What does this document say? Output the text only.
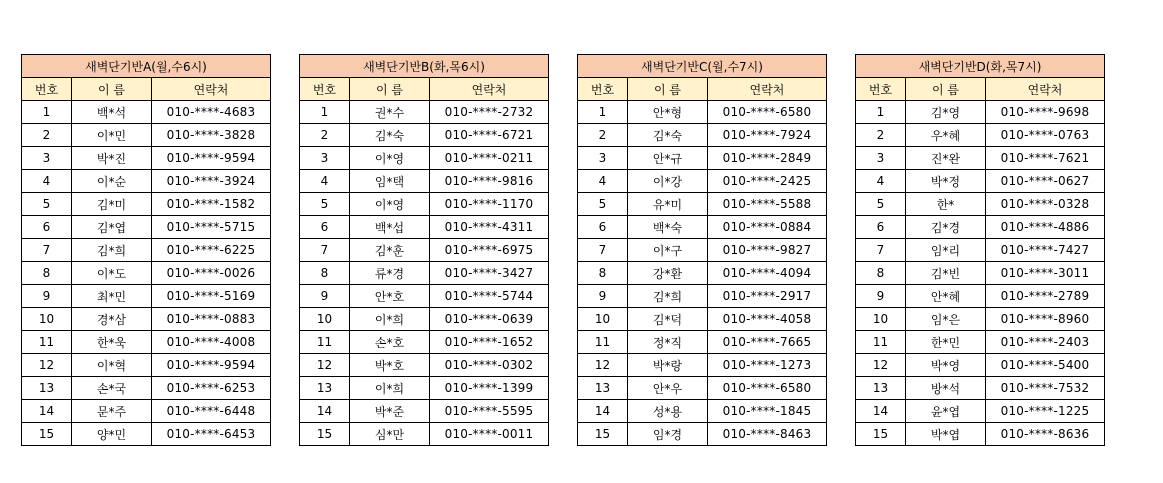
새벽단기반A(월,수6시)		
번호	이 름	연락처
1	백*석	010-****-4683
2	이*민	010-****-3828
3	박*진	010-****-9594
4	이*순	010-****-3924
5	김*미	010-****-1582
6	김*엽	010-****-5715
7	김*희	010-****-6225
8	이*도	010-****-0026
9	최*민	010-****-5169
10	경*삼	010-****-0883
11	한*욱	010-****-4008
12	이*혁	010-****-9594
13	손*국	010-****-6253
14	문*주	010-****-6448
15	양*민	010-****-6453
새벽단기반B(화,목6시)		
번호	이 름	연락처
1	권*수	010-****-2732
2	김*숙	010-****-6721
3	이*영	010-****-0211
4	임*택	010-****-9816
5	이*영	010-****-1170
6	백*섭	010-****-4311
7	김*훈	010-****-6975
8	류*경	010-****-3427
9	안*호	010-****-5744
10	이*희	010-****-0639
11	손*호	010-****-1652
12	박*호	010-****-0302
13	이*희	010-****-1399
14	박*준	010-****-5595
15	심*만	010-****-0011
새벽단기반C(월,수7시)		
번호	이 름	연락처
1	안*형	010-****-6580
2	김*숙	010-****-7924
3	안*규	010-****-2849
4	이*강	010-****-2425
5	유*미	010-****-5588
6	백*숙	010-****-0884
7	이*구	010-****-9827
8	강*환	010-****-4094
9	김*희	010-****-2917
10	김*덕	010-****-4058
11	정*직	010-****-7665
12	박*랑	010-****-1273
13	안*우	010-****-6580
14	성*용	010-****-1845
15	임*경	010-****-8463
새벽단기반D(화,목7시)		
번호	이 름	연락처
1	김*영	010-****-9698
2	우*혜	010-****-0763
3	진*완	010-****-7621
4	박*정	010-****-0627
5	한*	010-****-0328
6	김*경	010-****-4886
7	임*리	010-****-7427
8	김*빈	010-****-3011
9	안*혜	010-****-2789
10	임*은	010-****-8960
11	한*민	010-****-2403
12	박*영	010-****-5400
13	방*석	010-****-7532
14	윤*엽	010-****-1225
15	박*엽	010-****-8636
